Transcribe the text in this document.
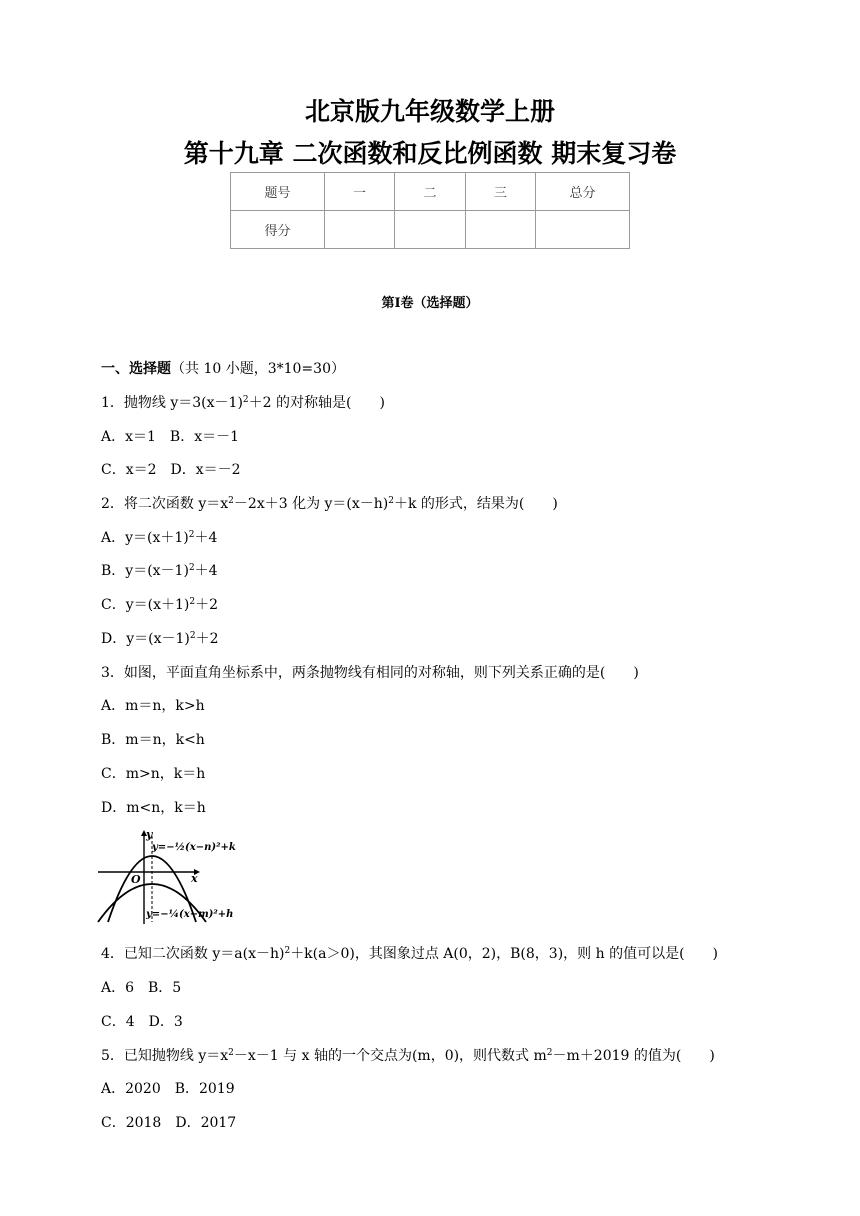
北京版九年级数学上册
第十九章 二次函数和反比例函数 期末复习卷
题号	一	二	三	总分
得分				
第Ⅰ卷（选择题）
一、选择题（共 10 小题，3*10=30）
1．抛物线 $y=3(x-1)^2+2$ 的对称轴是(　　)
A．x＝1　B．x＝－1
C．x＝2　D．x＝－2
2．将二次函数 $y=x^2-2x+3$ 化为 $y=(x-h)^2+k$ 的形式，结果为(　　)
A．$y=(x+1)^2+4$
B．$y=(x-1)^2+4$
C．$y=(x+1)^2+2$
D．$y=(x-1)^2+2$
3．如图，平面直角坐标系中，两条抛物线有相同的对称轴，则下列关系正确的是(　　)
A．m＝n，k>h
B．m＝n，k<h
C．m>n，k＝h
D．m<n，k＝h
y
x
O
y=−½(x−n)²+k
y=−¼(x−m)²+h
4．已知二次函数 $y=a(x-h)^2+k(a>0)$，其图象过点 A(0，2)，B(8，3)，则 h 的值可以是(　　)
A．6　B．5
C．4　D．3
5．已知抛物线 $y=x^2-x-1$ 与 x 轴的一个交点为(m，0)，则代数式 $m^2-m+2019$ 的值为(　　)
A．2020　B．2019
C．2018　D．2017
